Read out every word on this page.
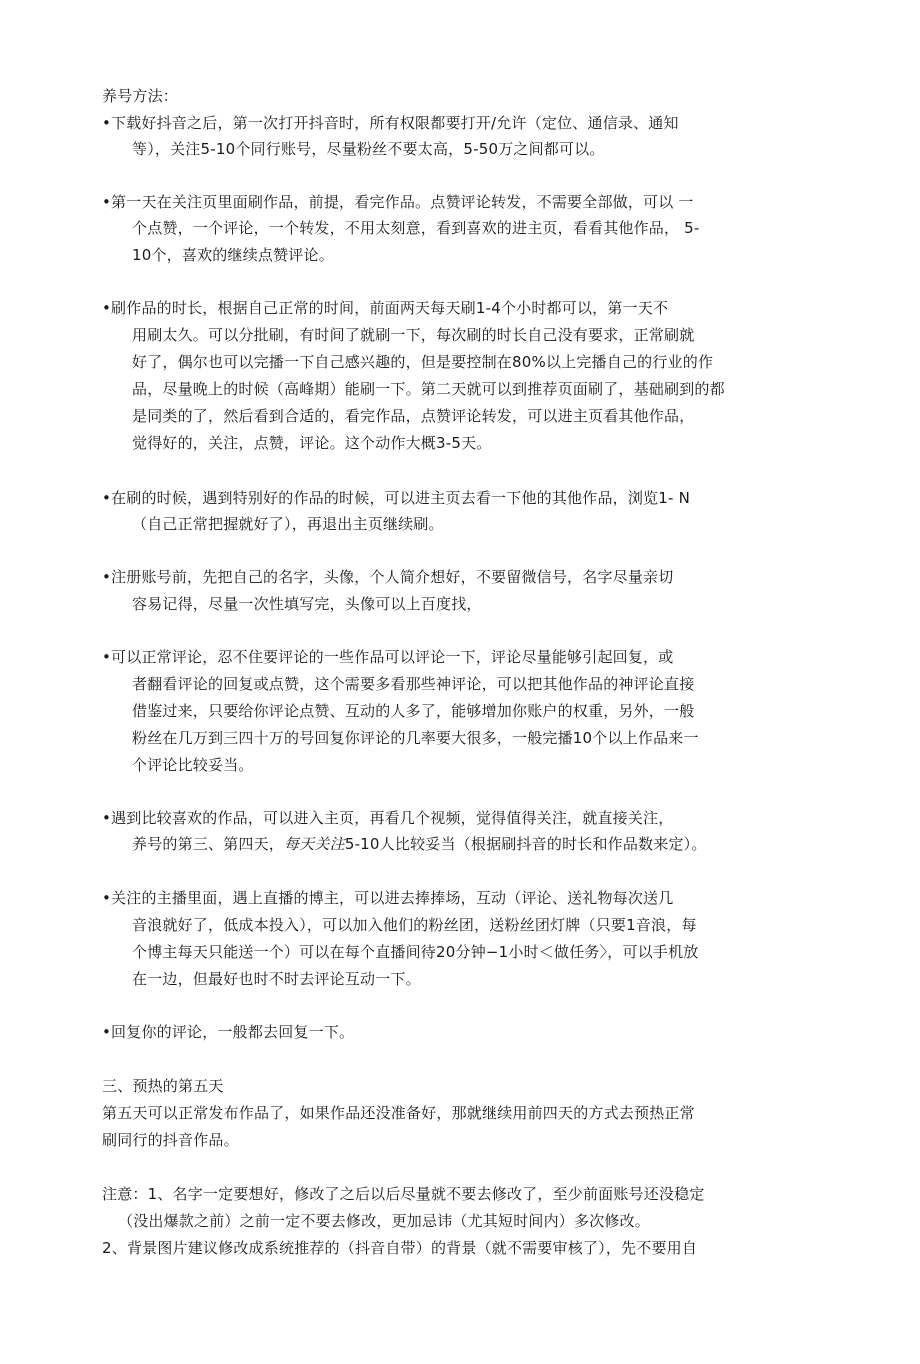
养号方法：
•下载好抖音之后，第一次打开抖音时，所有权限都要打开/允许（定位、通信录、通知
等），关注5-10个同行账号，尽量粉丝不要太高，5-50万之间都可以。
•第一天在关注页里面刷作品，前提，看完作品。点赞评论转发，不需要全部做，可以 一
个点赞，一个评论，一个转发，不用太刻意，看到喜欢的进主页，看看其他作品， 5-
10个，喜欢的继续点赞评论。
•刷作品的时长，根据自己正常的时间，前面两天每天刷1-4个小时都可以，第一天不
用刷太久。可以分批刷，有时间了就刷一下，每次刷的时长自己没有要求，正常刷就
好了，偶尔也可以完播一下自己感兴趣的，但是要控制在80%以上完播自己的行业的作
品，尽量晚上的时候（高峰期）能刷一下。第二天就可以到推荐页面刷了，基础刷到的都
是同类的了，然后看到合适的，看完作品，点赞评论转发，可以进主页看其他作品，
觉得好的，关注，点赞，评论。这个动作大概3-5天。
•在刷的时候，遇到特别好的作品的时候，可以进主页去看一下他的其他作品，浏览1- N
（自己正常把握就好了），再退出主页继续刷。
•注册账号前，先把自己的名字，头像，个人简介想好，不要留微信号，名字尽量亲切
容易记得，尽量一次性填写完，头像可以上百度找，
•可以正常评论，忍不住要评论的一些作品可以评论一下，评论尽量能够引起回复，或
者翻看评论的回复或点赞，这个需要多看那些神评论，可以把其他作品的神评论直接
借鉴过来，只要给你评论点赞、互动的人多了，能够增加你账户的权重，另外，一般
粉丝在几万到三四十万的号回复你评论的几率要大很多，一般完播10个以上作品来一
个评论比较妥当。
•遇到比较喜欢的作品，可以进入主页，再看几个视频，觉得值得关注，就直接关注，
养号的第三、第四天，每天关注5-10人比较妥当（根据刷抖音的时长和作品数来定）。
•关注的主播里面，遇上直播的博主，可以进去捧捧场，互动（评论、送礼物每次送几
音浪就好了，低成本投入），可以加入他们的粉丝团，送粉丝团灯牌（只要1音浪，每
个博主每天只能送一个）可以在每个直播间待20分钟−1小时＜做任务〉，可以手机放
在一边，但最好也时不时去评论互动一下。
•回复你的评论，一般都去回复一下。
三、预热的第五天
第五天可以正常发布作品了，如果作品还没准备好，那就继续用前四天的方式去预热正常
刷同行的抖音作品。
注意：1、名字一定要想好，修改了之后以后尽量就不要去修改了，至少前面账号还没稳定
（没出爆款之前）之前一定不要去修改，更加忌讳（尤其短时间内）多次修改。
2、背景图片建议修改成系统推荐的（抖音自带）的背景（就不需要审核了），先不要用自
